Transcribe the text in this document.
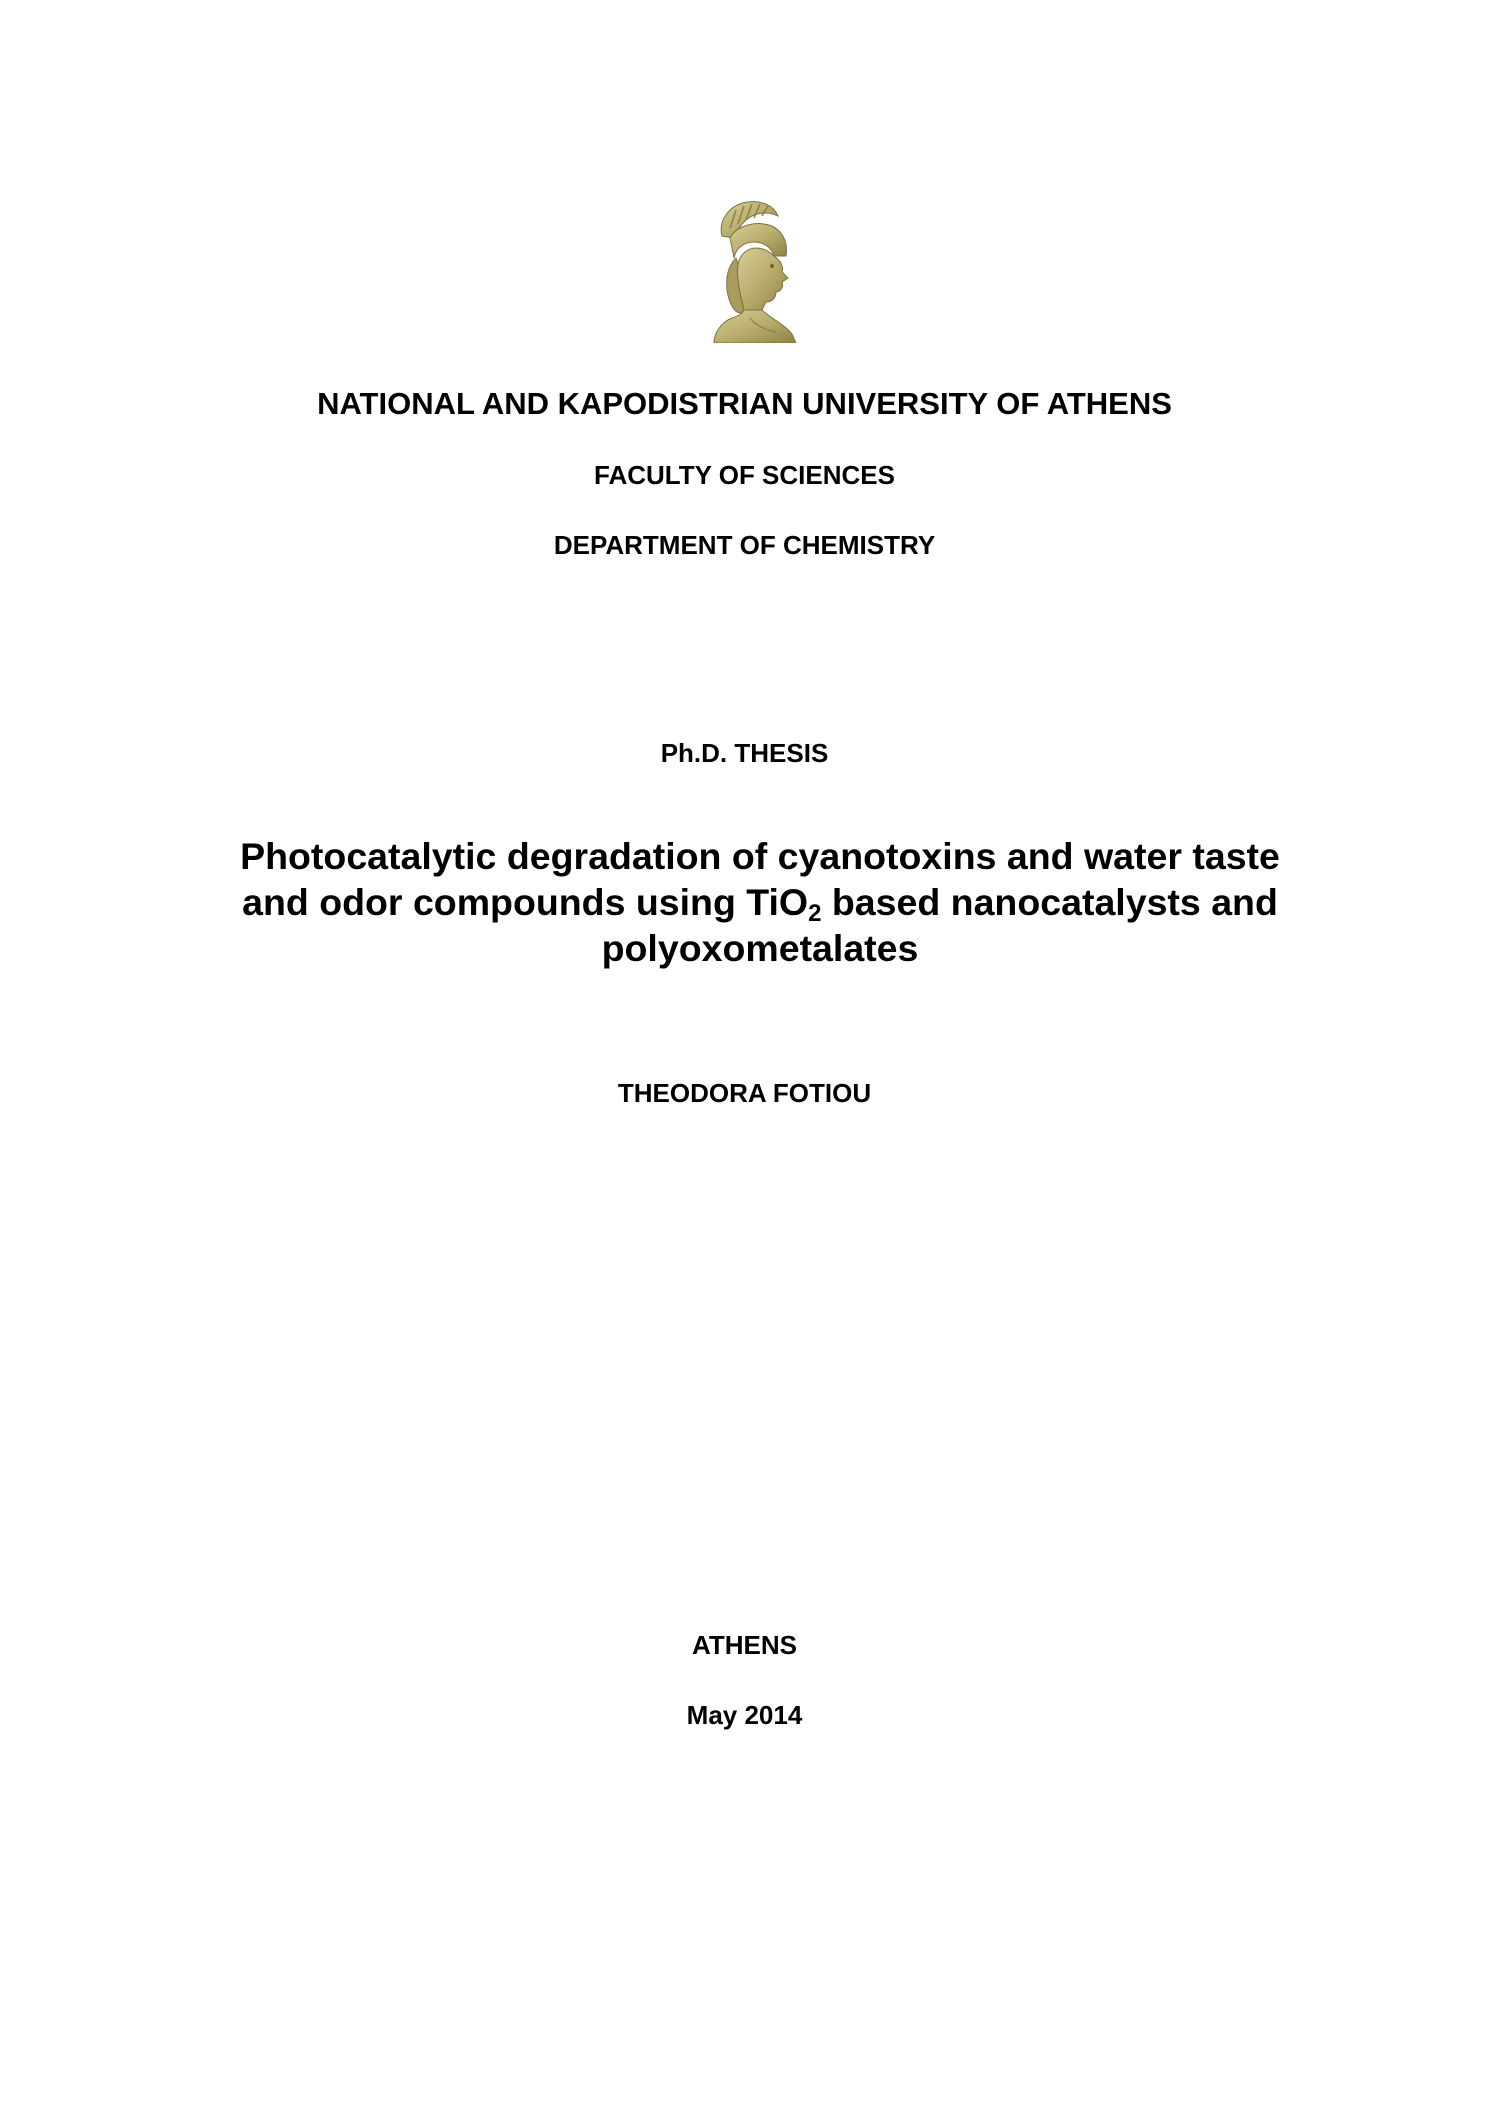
NATIONAL AND KAPODISTRIAN UNIVERSITY OF ATHENS
FACULTY OF SCIENCES
DEPARTMENT OF CHEMISTRY
Ph.D. THESIS
Photocatalytic degradation of cyanotoxins and water taste
and odor compounds using TiO$_2$ based nanocatalysts and
polyoxometalates
THEODORA FOTIOU
ATHENS
May 2014
